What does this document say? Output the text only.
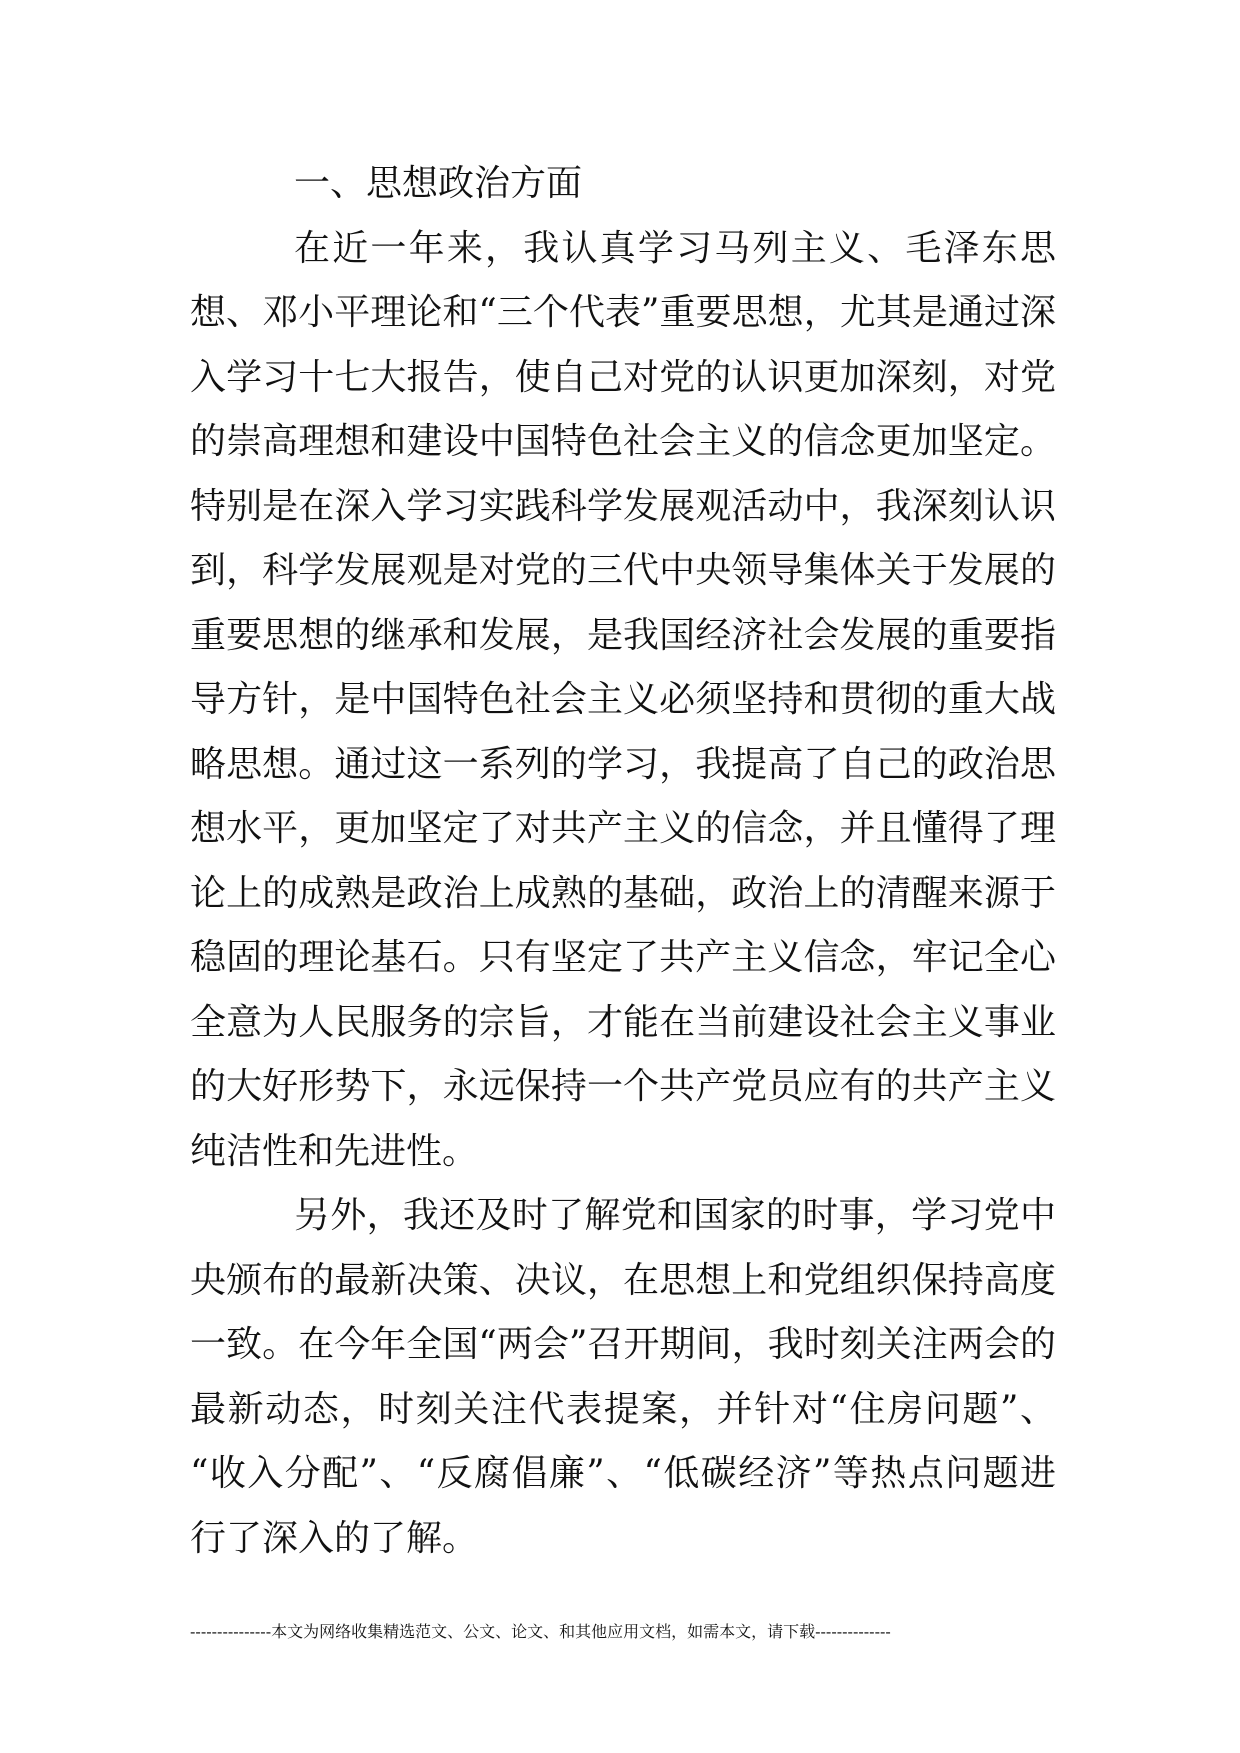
一、思想政治方面

在近一年来，我认真学习马列主义、毛泽东思想、邓小平理论和“三个代表”重要思想，尤其是通过深入学习十七大报告，使自己对党的认识更加深刻，对党的崇高理想和建设中国特色社会主义的信念更加坚定。特别是在深入学习实践科学发展观活动中，我深刻认识到，科学发展观是对党的三代中央领导集体关于发展的重要思想的继承和发展，是我国经济社会发展的重要指导方针，是中国特色社会主义必须坚持和贯彻的重大战略思想。通过这一系列的学习，我提高了自己的政治思想水平，更加坚定了对共产主义的信念，并且懂得了理论上的成熟是政治上成熟的基础，政治上的清醒来源于稳固的理论基石。只有坚定了共产主义信念，牢记全心全意为人民服务的宗旨，才能在当前建设社会主义事业的大好形势下，永远保持一个共产党员应有的共产主义纯洁性和先进性。

另外，我还及时了解党和国家的时事，学习党中央颁布的最新决策、决议，在思想上和党组织保持高度一致。在今年全国“两会”召开期间，我时刻关注两会的最新动态，时刻关注代表提案，并针对“住房问题”、 “收入分配”、“反腐倡廉”、“低碳经济”等热点问题进行了深入的了解。

---------------本文为网络收集精选范文、公文、论文、和其他应用文档，如需本文，请下载--------------
